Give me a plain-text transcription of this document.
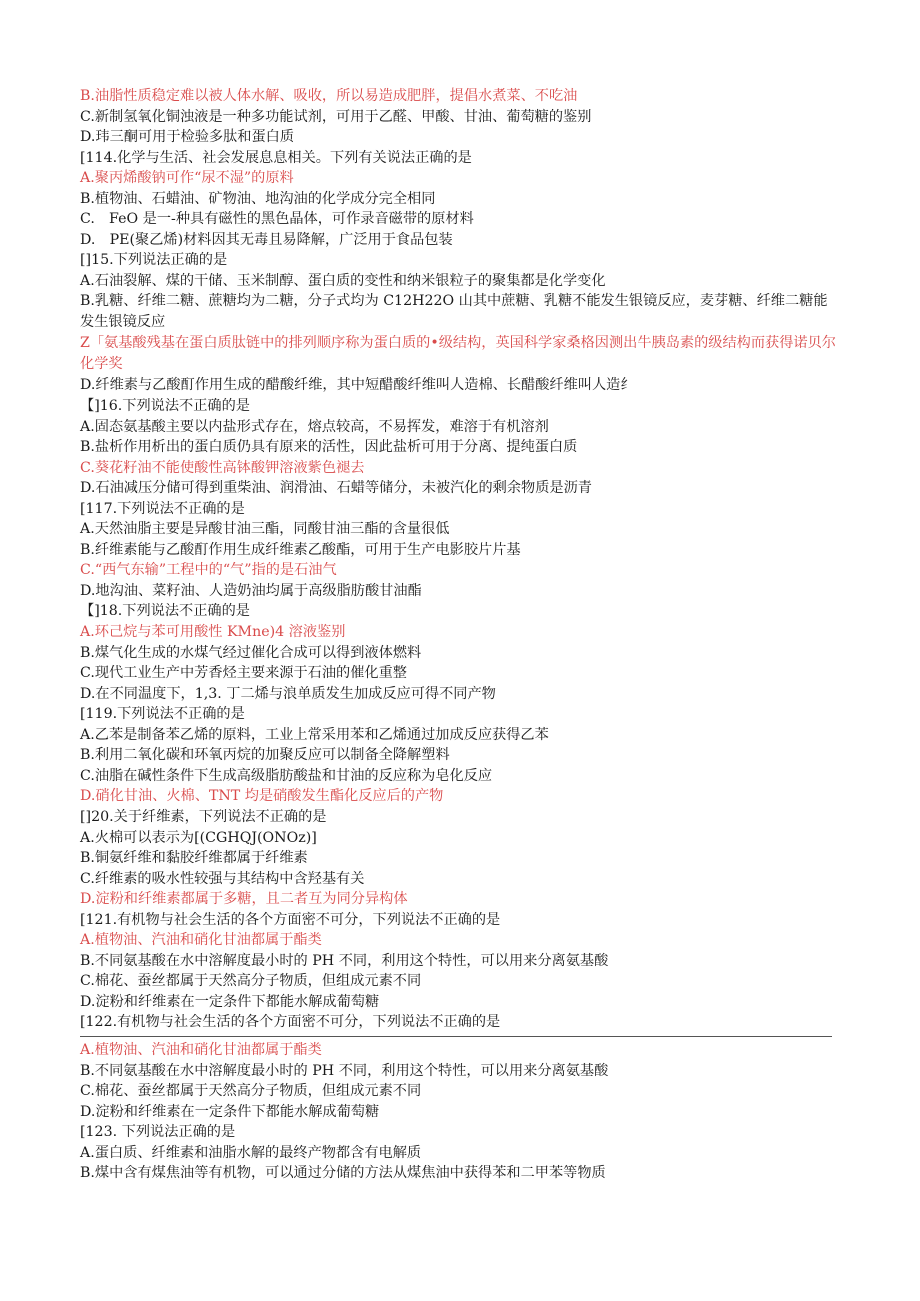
B.油脂性质稳定难以被人体水解、吸收，所以易造成肥胖，提倡水煮菜、不吃油
C.新制氢氧化铜浊液是一种多功能试剂，可用于乙醛、甲酸、甘油、葡萄糖的鉴别
D.玮三酮可用于检验多肽和蛋白质
[114.化学与生活、社会发展息息相关。下列有关说法正确的是
A.聚丙烯酸钠可作“尿不湿”的原料
B.植物油、石蜡油、矿物油、地沟油的化学成分完全相同
C.　FeO 是一-种具有磁性的黑色晶体，可作录音磁带的原材料
D.　PE(聚乙烯)材料因其无毒且易降解，广泛用于食品包装
[]15.下列说法正确的是
A.石油裂解、煤的干储、玉米制醇、蛋白质的变性和纳米银粒子的聚集都是化学变化
B.乳糖、纤维二糖、蔗糖均为二糖，分子式均为 C12H22O 山其中蔗糖、乳糖不能发生银镜反应，麦芽糖、纤维二糖能发生银镜反应
Z「氨基酸残基在蛋白质肽链中的排列顺序称为蛋白质的•级结构，英国科学家桑格因测出牛胰岛素的级结构而获得诺贝尔化学奖
D.纤维素与乙酸酊作用生成的醋酸纤维，其中短醋酸纤维叫人造棉、长醋酸纤维叫人造纟
【]16.下列说法不正确的是
A.固态氨基酸主要以内盐形式存在，熔点较高，不易挥发，难溶于有机溶剂
B.盐析作用析出的蛋白质仍具有原来的活性，因此盐析可用于分离、提纯蛋白质
C.葵花籽油不能使酸性高钵酸钾溶液紫色褪去
D.石油减压分储可得到重柴油、润滑油、石蜡等储分，未被汽化的剩余物质是沥青
[117.下列说法不正确的是
A.天然油脂主要是异酸甘油三酯，同酸甘油三酯的含量很低
B.纤维素能与乙酸酊作用生成纤维素乙酸酯，可用于生产电影胶片片基
C.“西气东输”工程中的“气”指的是石油气
D.地沟油、菜籽油、人造奶油均属于高级脂肪酸甘油酯
【]18.下列说法不正确的是
A.环己烷与苯可用酸性 KMne)4 溶液鉴别
B.煤气化生成的水煤气经过催化合成可以得到液体燃料
C.现代工业生产中芳香烃主要来源于石油的催化重整
D.在不同温度下，1,3. 丁二烯与浪单质发生加成反应可得不同产物
[119.下列说法不正确的是
A.乙苯是制备苯乙烯的原料，工业上常采用苯和乙烯通过加成反应获得乙苯
B.利用二氧化碳和环氧丙烷的加聚反应可以制备全降解塑料
C.油脂在碱性条件下生成高级脂肪酸盐和甘油的反应称为皂化反应
D.硝化甘油、火棉、TNT 均是硝酸发生酯化反应后的产物
[]20.关于纤维素，下列说法不正确的是
A.火棉可以表示为[(CGHQJ(ONOz)]
B.铜氨纤维和黏胶纤维都属于纤维素
C.纤维素的吸水性较强与其结构中含羟基有关
D.淀粉和纤维素都属于多糖，且二者互为同分异构体
[121.有机物与社会生活的各个方面密不可分，下列说法不正确的是
A.植物油、汽油和硝化甘油都属于酯类
B.不同氨基酸在水中溶解度最小时的 PH 不同，利用这个特性，可以用来分离氨基酸
C.棉花、蚕丝都属于天然高分子物质，但组成元素不同
D.淀粉和纤维素在一定条件下都能水解成葡萄糖
[122.有机物与社会生活的各个方面密不可分，下列说法不正确的是
A.植物油、汽油和硝化甘油都属于酯类
B.不同氨基酸在水中溶解度最小时的 PH 不同，利用这个特性，可以用来分离氨基酸
C.棉花、蚕丝都属于天然高分子物质，但组成元素不同
D.淀粉和纤维素在一定条件下都能水解成葡萄糖
[123. 下列说法正确的是
A.蛋白质、纤维素和油脂水解的最终产物都含有电解质
B.煤中含有煤焦油等有机物，可以通过分储的方法从煤焦油中获得苯和二甲苯等物质
